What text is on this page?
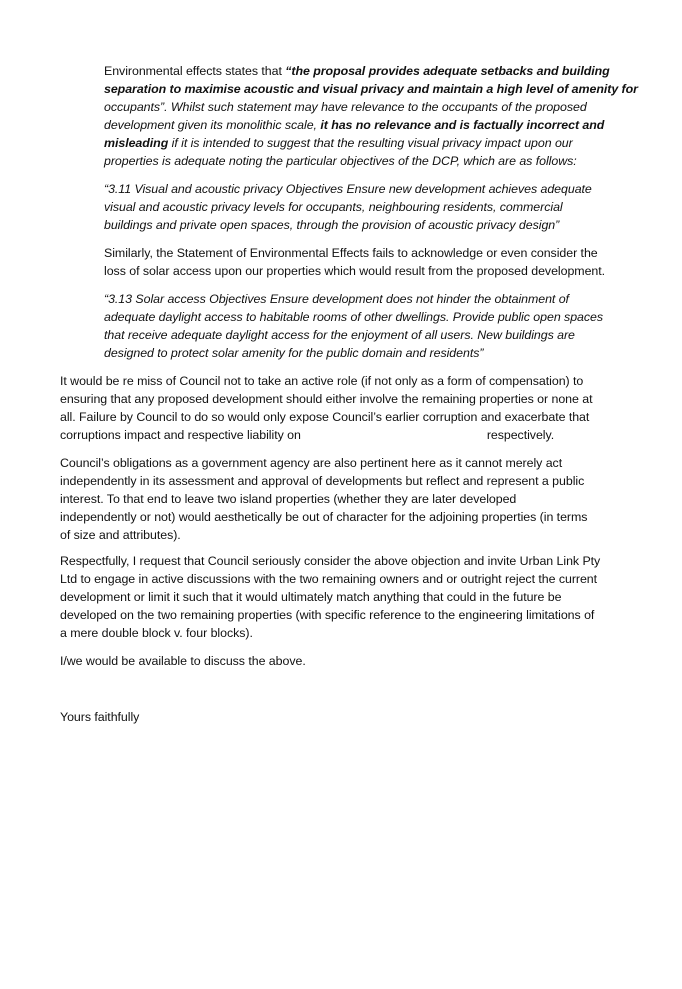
Environmental effects states that “the proposal provides adequate setbacks and building
separation to maximise acoustic and visual privacy and maintain a high level of amenity for
occupants”. Whilst such statement may have relevance to the occupants of the proposed
development given its monolithic scale, it has no relevance and is factually incorrect and
misleading if it is intended to suggest that the resulting visual privacy impact upon our
properties is adequate noting the particular objectives of the DCP, which are as follows:

“3.11 Visual and acoustic privacy Objectives Ensure new development achieves adequate
visual and acoustic privacy levels for occupants, neighbouring residents, commercial
buildings and private open spaces, through the provision of acoustic privacy design”

Similarly, the Statement of Environmental Effects fails to acknowledge or even consider the
loss of solar access upon our properties which would result from the proposed development.

“3.13 Solar access Objectives Ensure development does not hinder the obtainment of
adequate daylight access to habitable rooms of other dwellings. Provide public open spaces
that receive adequate daylight access for the enjoyment of all users. New buildings are
designed to protect solar amenity for the public domain and residents”

It would be re miss of Council not to take an active role (if not only as a form of compensation) to
ensuring that any proposed development should either involve the remaining properties or none at
all. Failure by Council to do so would only expose Council’s earlier corruption and exacerbate that
corruptions impact and respective liability on	respectively.

Council’s obligations as a government agency are also pertinent here as it cannot merely act
independently in its assessment and approval of developments but reflect and represent a public
interest. To that end to leave two island properties (whether they are later developed
independently or not) would aesthetically be out of character for the adjoining properties (in terms
of size and attributes).

Respectfully, I request that Council seriously consider the above objection and invite Urban Link Pty
Ltd to engage in active discussions with the two remaining owners and or outright reject the current
development or limit it such that it would ultimately match anything that could in the future be
developed on the two remaining properties (with specific reference to the engineering limitations of
a mere double block v. four blocks).

I/we would be available to discuss the above.

Yours faithfully
